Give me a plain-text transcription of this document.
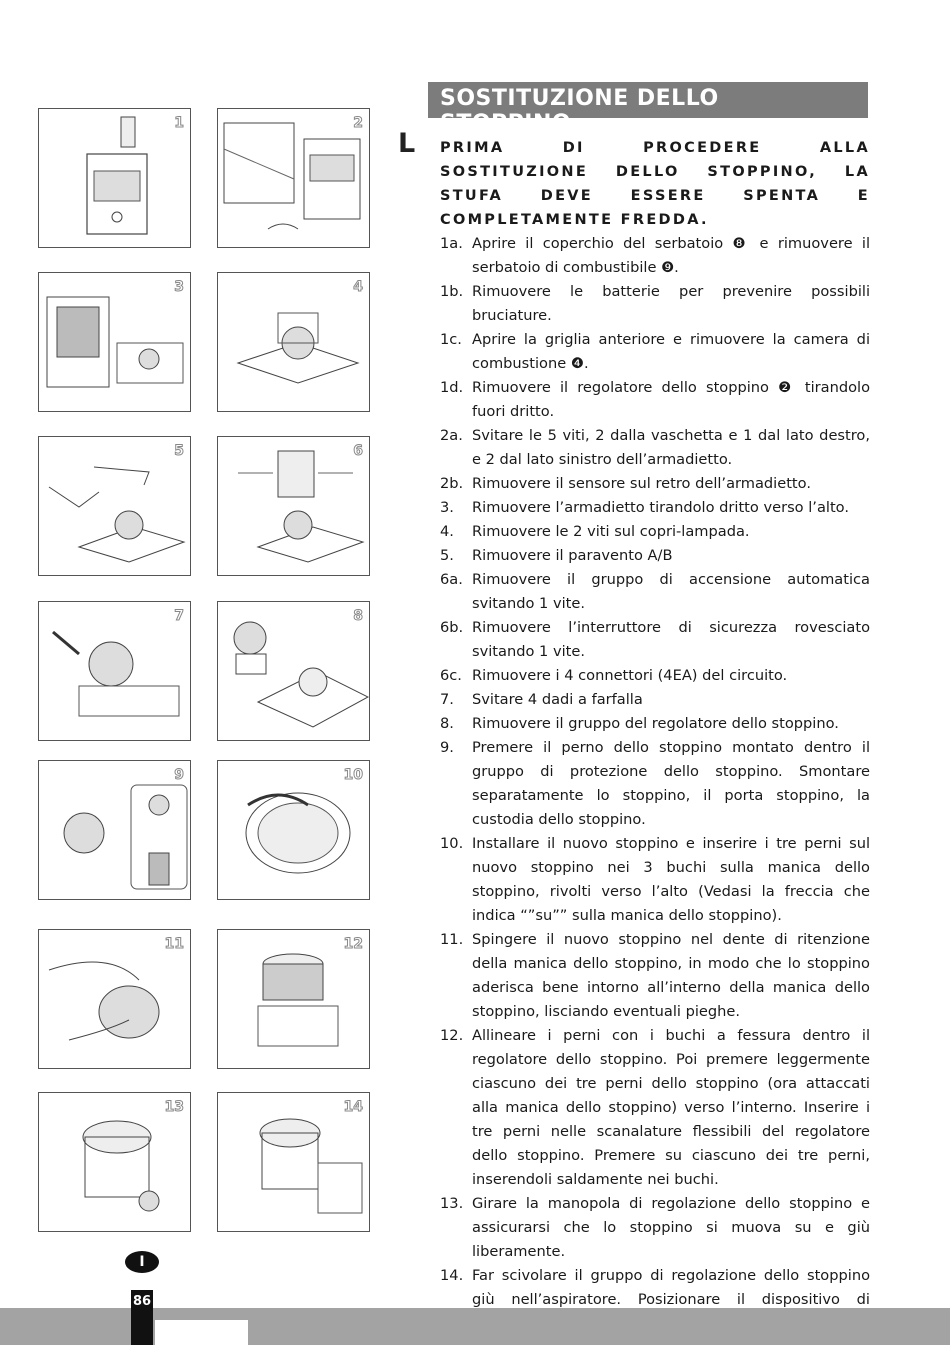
1	2
3	4
5	6
7	8
9	10
11	12
13	14
SOSTITUZIONE DELLO STOPPINO
L PRIMA DI PROCEDERE ALLA SOSTITUZIONE DELLO STOPPINO, LA STUFA DEVE ESSERE SPENTA E COMPLETAMENTE FREDDA.
1a. Aprire il coperchio del serbatoio ❽ e rimuovere il serbatoio di combustibile ❾.
1b. Rimuovere le batterie per prevenire possibili bruciature.
1c. Aprire la griglia anteriore e rimuovere la camera di combustione ❹.
1d. Rimuovere il regolatore dello stoppino ❷ tirandolo fuori dritto.
2a. Svitare le 5 viti, 2 dalla vaschetta e 1 dal lato destro, e 2 dal lato sinistro dell’armadietto.
2b. Rimuovere il sensore sul retro dell’armadietto.
3.	Rimuovere l’armadietto tirandolo dritto verso l’alto.
4.	Rimuovere le 2 viti sul copri-lampada.
5.	Rimuovere il paravento A/B
6a. Rimuovere il gruppo di accensione automatica svitando 1 vite.
6b. Rimuovere l’interruttore di sicurezza rovesciato svitando 1 vite.
6c. Rimuovere i 4 connettori (4EA) del circuito.
7.	Svitare 4 dadi a farfalla
8.	Rimuovere il gruppo del regolatore dello stoppino.
9.	Premere il perno dello stoppino montato dentro il gruppo di protezione dello stoppino. Smontare separatamente lo stoppino, il porta stoppino, la custodia dello stoppino.
10. Installare il nuovo stoppino e inserire i tre perni sul nuovo stoppino nei 3 buchi sulla manica dello stoppino, rivolti verso l’alto (Vedasi la freccia che indica “”su”” sulla manica dello stoppino).
11. Spingere il nuovo stoppino nel dente di ritenzione della manica dello stoppino, in modo che lo stoppino aderisca bene intorno all’interno della manica dello stoppino, lisciando eventuali pieghe.
12. Allineare i perni con i buchi a fessura dentro il regolatore dello stoppino. Poi premere leggermente ciascuno dei tre perni dello stoppino (ora attaccati alla manica dello stoppino) verso l’interno. Inserire i tre perni nelle scanalature flessibili del regolatore dello stoppino. Premere su ciascuno dei tre perni, inserendoli saldamente nei buchi.
13. Girare la manopola di regolazione dello stoppino e assicurarsi che lo stoppino si muova su e giù liberamente.
14. Far scivolare il gruppo di regolazione dello stoppino giù nell’aspiratore. Posizionare il dispositivo di
86
I
